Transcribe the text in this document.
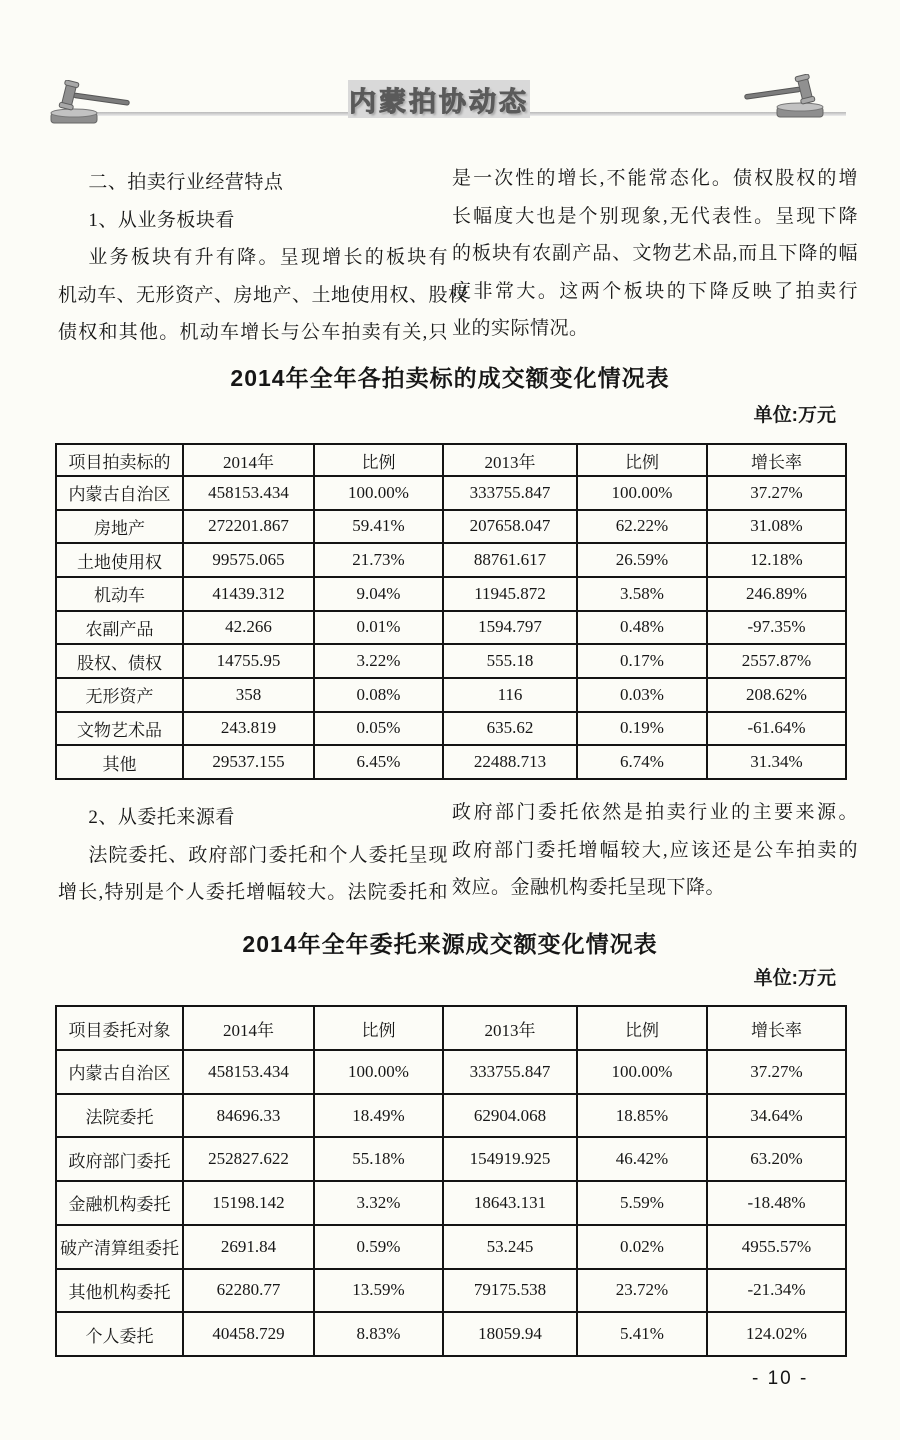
内蒙拍协动态
二、拍卖行业经营特点
1、从业务板块看
业务板块有升有降。呈现增长的板块有
机动车、无形资产、房地产、土地使用权、股权
债权和其他。机动车增长与公车拍卖有关,只
是一次性的增长,不能常态化。债权股权的增
长幅度大也是个别现象,无代表性。呈现下降
的板块有农副产品、文物艺术品,而且下降的幅
度非常大。这两个板块的下降反映了拍卖行
业的实际情况。
2014年全年各拍卖标的成交额变化情况表
单位:万元
项目拍卖标的	2014年	比例	2013年	比例	增长率
内蒙古自治区	458153.434	100.00%	333755.847	100.00%	37.27%
房地产	272201.867	59.41%	207658.047	62.22%	31.08%
土地使用权	99575.065	21.73%	88761.617	26.59%	12.18%
机动车	41439.312	9.04%	11945.872	3.58%	246.89%
农副产品	42.266	0.01%	1594.797	0.48%	-97.35%
股权、债权	14755.95	3.22%	555.18	0.17%	2557.87%
无形资产	358	0.08%	116	0.03%	208.62%
文物艺术品	243.819	0.05%	635.62	0.19%	-61.64%
其他	29537.155	6.45%	22488.713	6.74%	31.34%
2、从委托来源看
法院委托、政府部门委托和个人委托呈现
增长,特别是个人委托增幅较大。法院委托和
政府部门委托依然是拍卖行业的主要来源。
政府部门委托增幅较大,应该还是公车拍卖的
效应。金融机构委托呈现下降。
2014年全年委托来源成交额变化情况表
单位:万元
项目委托对象	2014年	比例	2013年	比例	增长率
内蒙古自治区	458153.434	100.00%	333755.847	100.00%	37.27%
法院委托	84696.33	18.49%	62904.068	18.85%	34.64%
政府部门委托	252827.622	55.18%	154919.925	46.42%	63.20%
金融机构委托	15198.142	3.32%	18643.131	5.59%	-18.48%
破产清算组委托	2691.84	0.59%	53.245	0.02%	4955.57%
其他机构委托	62280.77	13.59%	79175.538	23.72%	-21.34%
个人委托	40458.729	8.83%	18059.94	5.41%	124.02%
- 10 -
